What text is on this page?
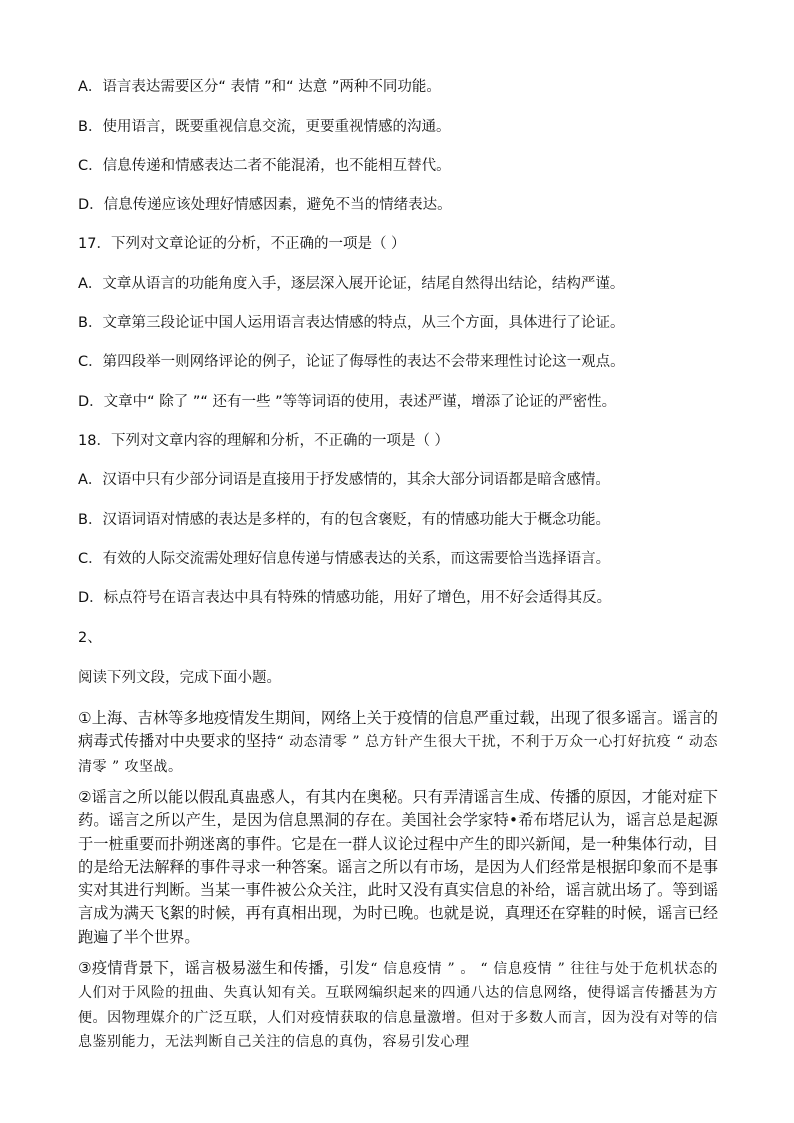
A．语言表达需要区分“ 表情 ”和“ 达意 ”两种不同功能。
B．使用语言，既要重视信息交流，更要重视情感的沟通。
C．信息传递和情感表达二者不能混淆，也不能相互替代。
D．信息传递应该处理好情感因素，避免不当的情绪表达。
17．下列对文章论证的分析，不正确的一项是（ ）
A．文章从语言的功能角度入手，逐层深入展开论证，结尾自然得出结论，结构严谨。
B．文章第三段论证中国人运用语言表达情感的特点，从三个方面，具体进行了论证。
C．第四段举一则网络评论的例子，论证了侮辱性的表达不会带来理性讨论这一观点。
D．文章中“ 除了 ”“ 还有一些 ”等等词语的使用，表述严谨，增添了论证的严密性。
18．下列对文章内容的理解和分析，不正确的一项是（ ）
A．汉语中只有少部分词语是直接用于抒发感情的，其余大部分词语都是暗含感情。
B．汉语词语对情感的表达是多样的，有的包含褒贬，有的情感功能大于概念功能。
C．有效的人际交流需处理好信息传递与情感表达的关系，而这需要恰当选择语言。
D．标点符号在语言表达中具有特殊的情感功能，用好了增色，用不好会适得其反。
2、
阅读下列文段，完成下面小题。

①上海、吉林等多地疫情发生期间，网络上关于疫情的信息严重过载，出现了很多谣言。谣言的病毒式传播对中央要求的坚持“ 动态清零 ” 总方针产生很大干扰，不利于万众一心打好抗疫 “ 动态清零 ” 攻坚战。

②谣言之所以能以假乱真蛊惑人，有其内在奥秘。只有弄清谣言生成、传播的原因，才能对症下药。谣言之所以产生，是因为信息黑洞的存在。美国社会学家特•希布塔尼认为，谣言总是起源于一桩重要而扑朔迷离的事件。它是在一群人议论过程中产生的即兴新闻，是一种集体行动，目的是给无法解释的事件寻求一种答案。谣言之所以有市场，是因为人们经常是根据印象而不是事实对其进行判断。当某一事件被公众关注，此时又没有真实信息的补给，谣言就出场了。等到谣言成为满天飞絮的时候，再有真相出现，为时已晚。也就是说，真理还在穿鞋的时候，谣言已经跑遍了半个世界。

③疫情背景下，谣言极易滋生和传播，引发“ 信息疫情 ” 。 “ 信息疫情 ” 往往与处于危机状态的人们对于风险的扭曲、失真认知有关。互联网编织起来的四通八达的信息网络，使得谣言传播甚为方便。因物理媒介的广泛互联，人们对疫情获取的信息量激增。但对于多数人而言，因为没有对等的信息鉴别能力，无法判断自己关注的信息的真伪，容易引发心理
